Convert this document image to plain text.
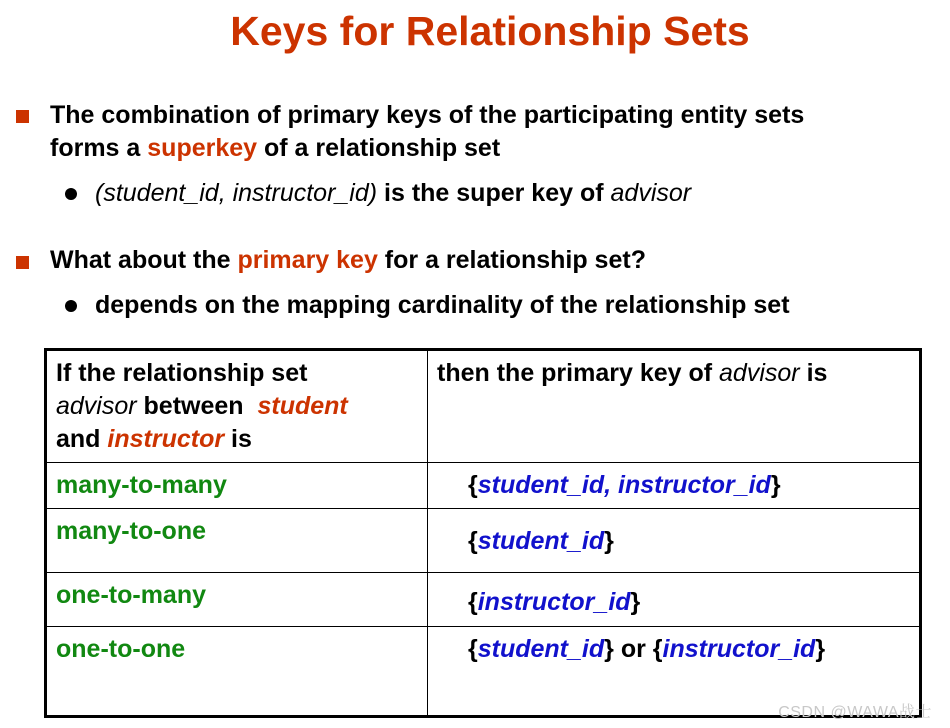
Keys for Relationship Sets
The combination of primary keys of the participating entity sets
forms a superkey of a relationship set
(student_id, instructor_id) is the super key of advisor
What about the primary key for a relationship set?
depends on the mapping cardinality of the relationship set
If the relationship set
advisor between  student
and instructor is	then the primary key of advisor is
many-to-many	{student_id, instructor_id}
many-to-one	{student_id}
one-to-many	{instructor_id}
one-to-one	{student_id} or {instructor_id}
CSDN @WAWA战士
